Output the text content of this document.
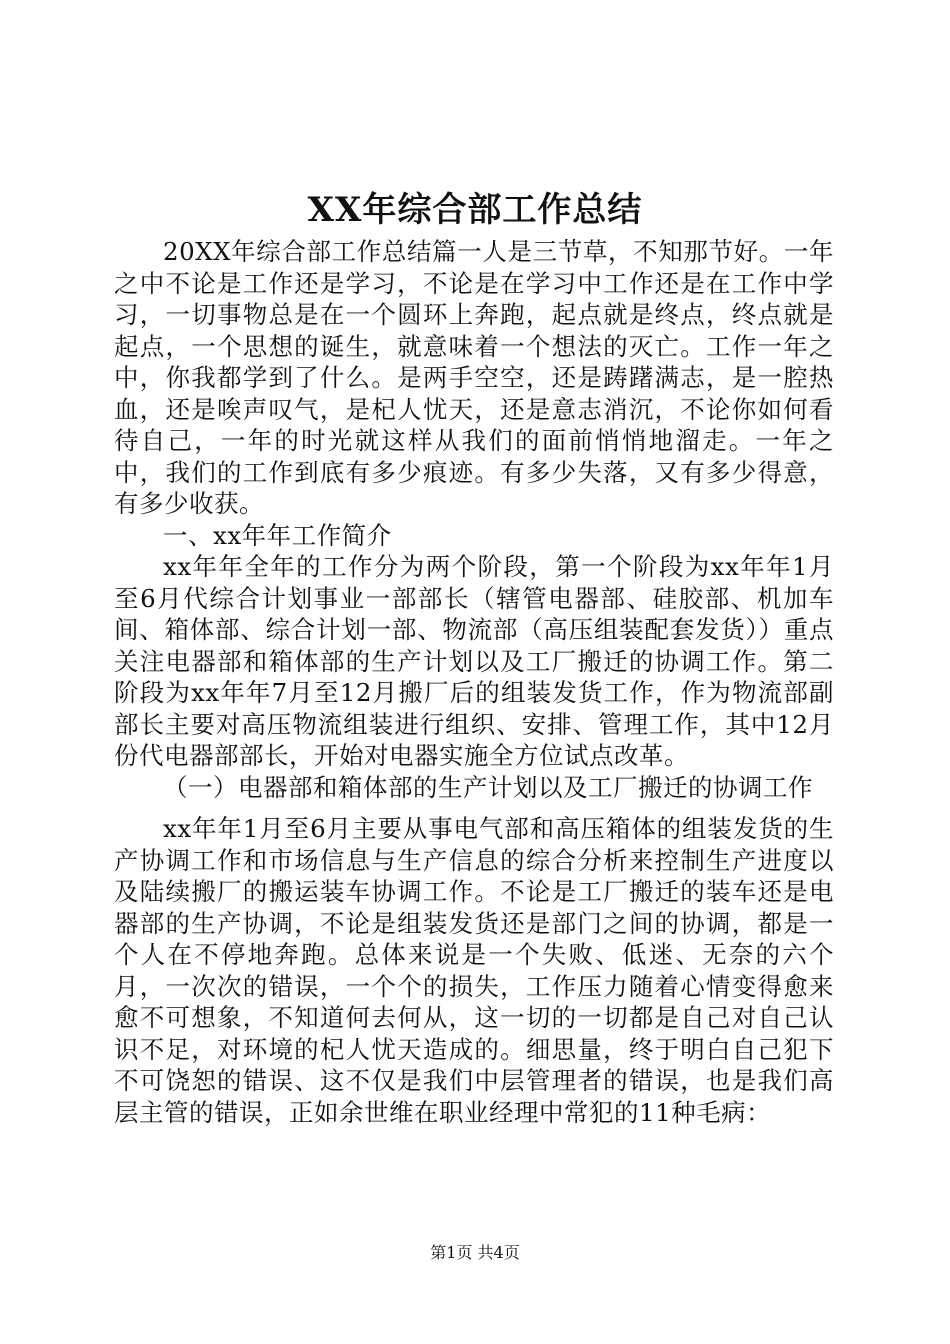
XX年综合部工作总结

20XX年综合部工作总结篇一人是三节草，不知那节好。一年之中不论是工作还是学习，不论是在学习中工作还是在工作中学习，一切事物总是在一个圆环上奔跑，起点就是终点，终点就是起点，一个思想的诞生，就意味着一个想法的灭亡。工作一年之中，你我都学到了什么。是两手空空，还是踌躇满志，是一腔热血，还是唉声叹气，是杞人忧天，还是意志消沉，不论你如何看待自己，一年的时光就这样从我们的面前悄悄地溜走。一年之中，我们的工作到底有多少痕迹。有多少失落，又有多少得意，有多少收获。

一、xx年年工作简介

xx年年全年的工作分为两个阶段，第一个阶段为xx年年1月至6月代综合计划事业一部部长（辖管电器部、硅胶部、机加车间、箱体部、综合计划一部、物流部（高压组装配套发货））重点关注电器部和箱体部的生产计划以及工厂搬迁的协调工作。第二阶段为xx年年7月至12月搬厂后的组装发货工作，作为物流部副部长主要对高压物流组装进行组织、安排、管理工作，其中12月份代电器部部长，开始对电器实施全方位试点改革。

（一）电器部和箱体部的生产计划以及工厂搬迁的协调工作

xx年年1月至6月主要从事电气部和高压箱体的组装发货的生产协调工作和市场信息与生产信息的综合分析来控制生产进度以及陆续搬厂的搬运装车协调工作。不论是工厂搬迁的装车还是电器部的生产协调，不论是组装发货还是部门之间的协调，都是一个人在不停地奔跑。总体来说是一个失败、低迷、无奈的六个月，一次次的错误，一个个的损失，工作压力随着心情变得愈来愈不可想象，不知道何去何从，这一切的一切都是自己对自己认识不足，对环境的杞人忧天造成的。细思量，终于明白自己犯下不可饶恕的错误、这不仅是我们中层管理者的错误，也是我们高层主管的错误，正如余世维在职业经理中常犯的11种毛病：

第1页 共4页
